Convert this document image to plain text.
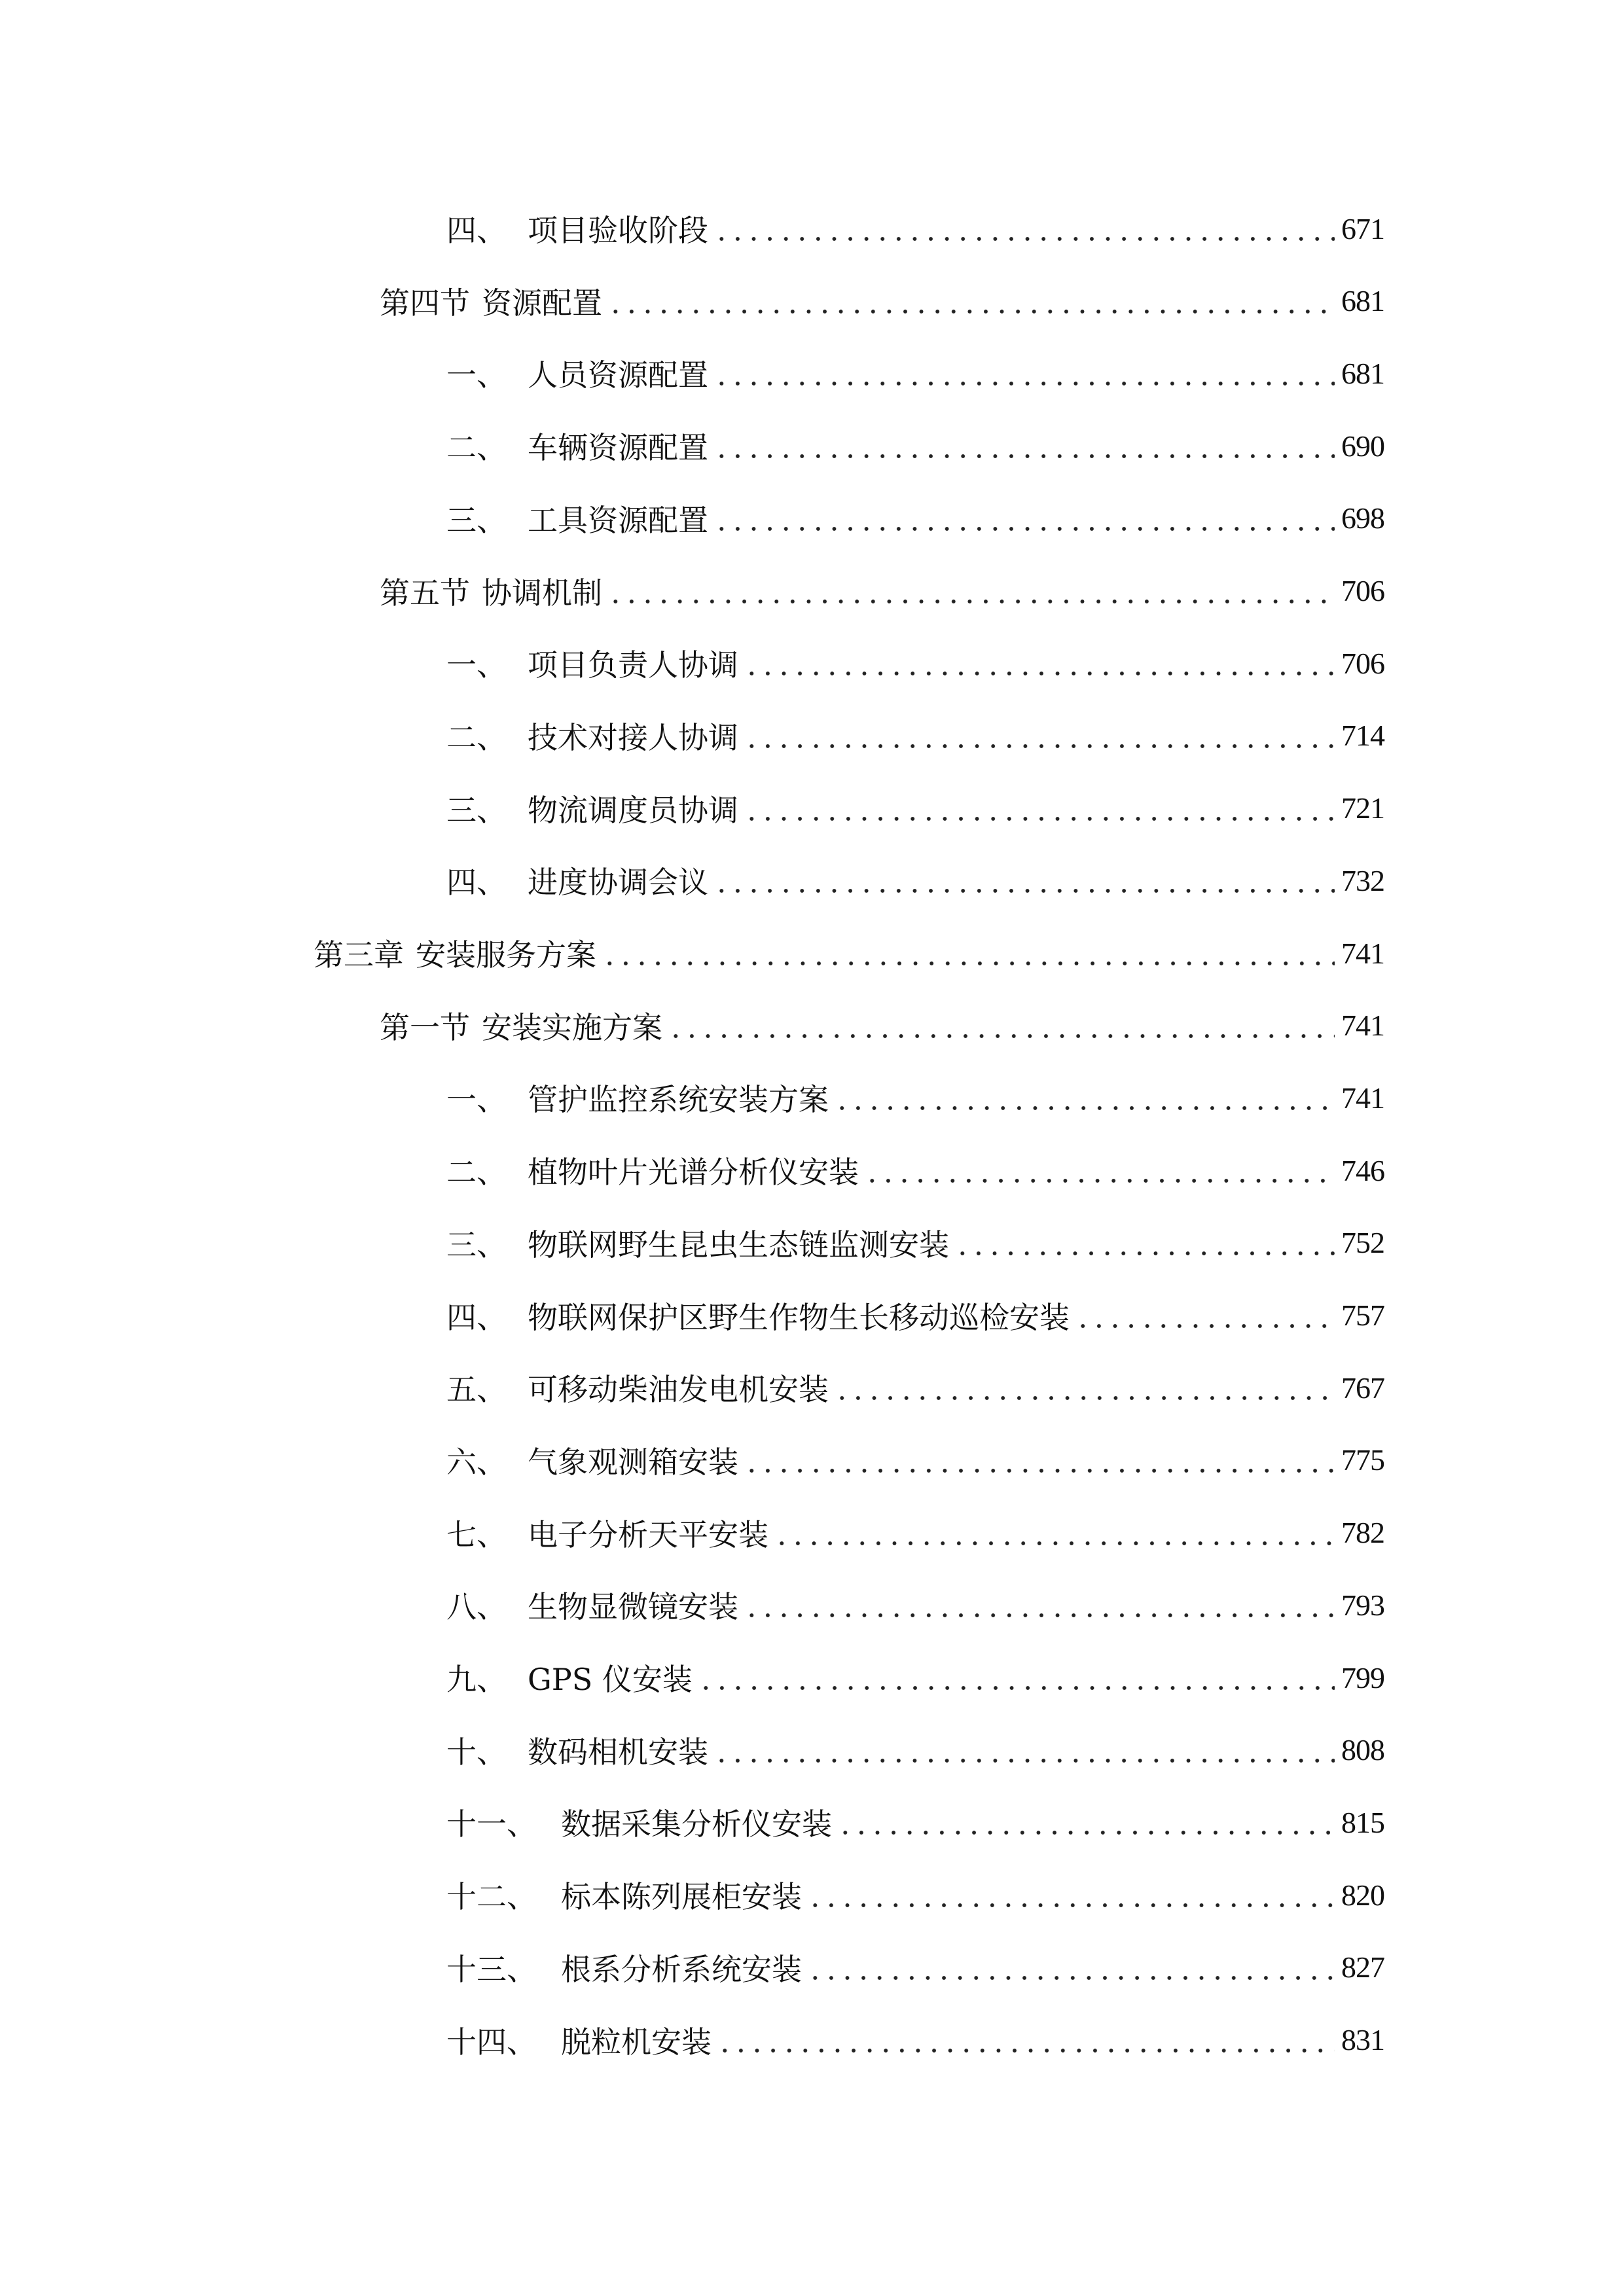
四、 项目验收阶段	671
第四节 资源配置	681
一、 人员资源配置	681
二、 车辆资源配置	690
三、 工具资源配置	698
第五节 协调机制	706
一、 项目负责人协调	706
二、 技术对接人协调	714
三、 物流调度员协调	721
四、 进度协调会议	732
第三章 安装服务方案	741
第一节 安装实施方案	741
一、 管护监控系统安装方案	741
二、 植物叶片光谱分析仪安装	746
三、 物联网野生昆虫生态链监测安装	752
四、 物联网保护区野生作物生长移动巡检安装	757
五、 可移动柴油发电机安装	767
六、 气象观测箱安装	775
七、 电子分析天平安装	782
八、 生物显微镜安装	793
九、 GPS 仪安装	799
十、 数码相机安装	808
十一、 数据采集分析仪安装	815
十二、 标本陈列展柜安装	820
十三、 根系分析系统安装	827
十四、 脱粒机安装	831
